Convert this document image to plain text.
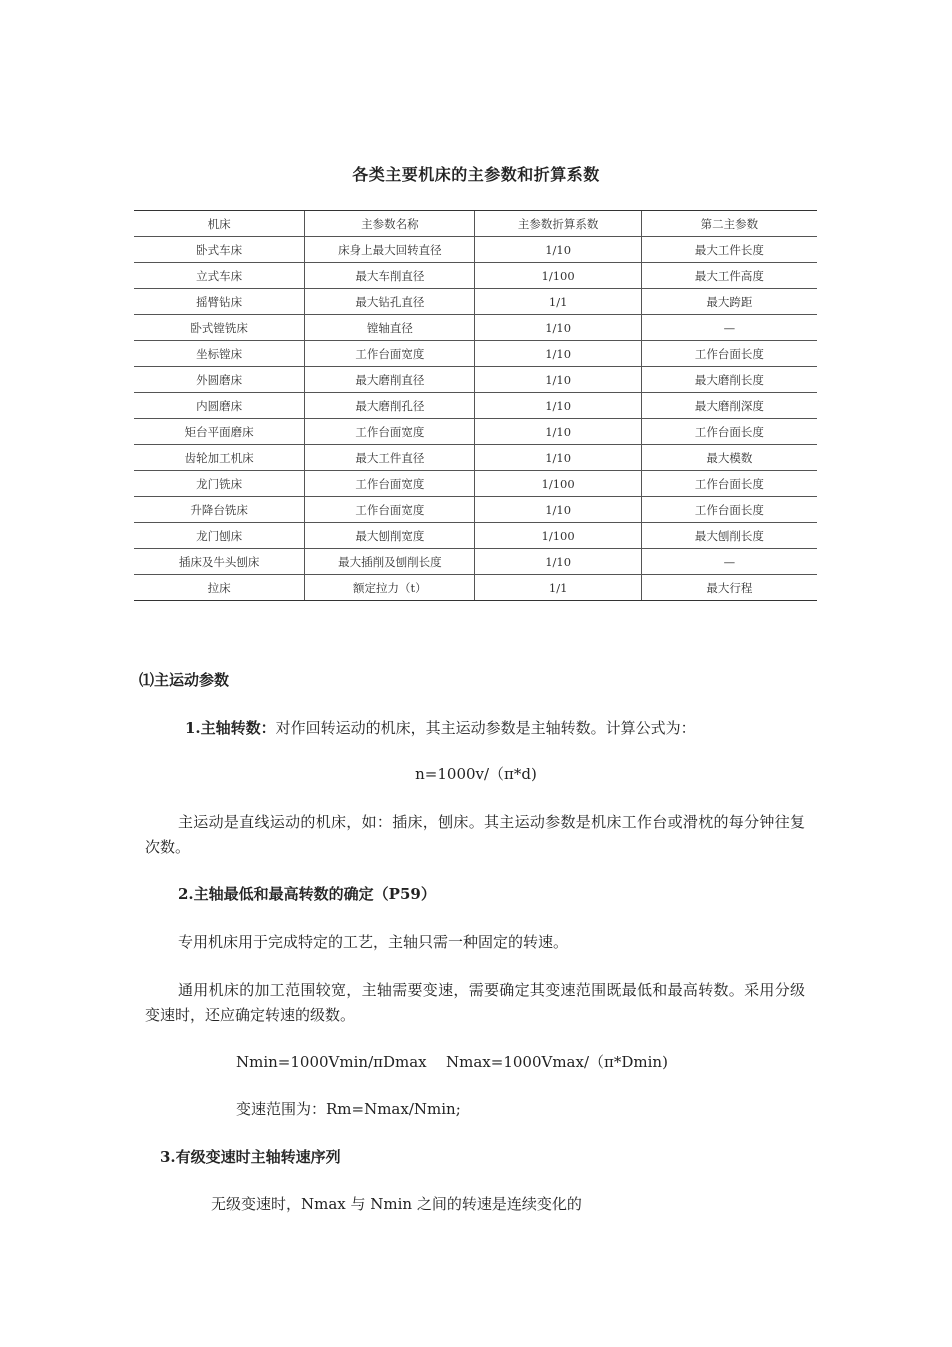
各类主要机床的主参数和折算系数
机床	主参数名称	主参数折算系数	第二主参数
卧式车床	床身上最大回转直径	1/10	最大工件长度
立式车床	最大车削直径	1/100	最大工件高度
摇臂钻床	最大钻孔直径	1/1	最大跨距
卧式镗铣床	镗轴直径	1/10	—
坐标镗床	工作台面宽度	1/10	工作台面长度
外圆磨床	最大磨削直径	1/10	最大磨削长度
内圆磨床	最大磨削孔径	1/10	最大磨削深度
矩台平面磨床	工作台面宽度	1/10	工作台面长度
齿轮加工机床	最大工件直径	1/10	最大模数
龙门铣床	工作台面宽度	1/100	工作台面长度
升降台铣床	工作台面宽度	1/10	工作台面长度
龙门刨床	最大刨削宽度	1/100	最大刨削长度
插床及牛头刨床	最大插削及刨削长度	1/10	—
拉床	额定拉力（t）	1/1	最大行程
⑴主运动参数
1.主轴转数：对作回转运动的机床，其主运动参数是主轴转数。计算公式为：
n=1000v/（π*d)
主运动是直线运动的机床，如：插床，刨床。其主运动参数是机床工作台或滑枕的每分钟往复次数。
2.主轴最低和最高转数的确定（P59）
专用机床用于完成特定的工艺，主轴只需一种固定的转速。
通用机床的加工范围较宽，主轴需要变速，需要确定其变速范围既最低和最高转数。采用分级变速时，还应确定转速的级数。
Nmin=1000Vmin/πDmax Nmax=1000Vmax/（π*Dmin)
变速范围为：Rm=Nmax/Nmin;
3.有级变速时主轴转速序列
无级变速时，Nmax 与 Nmin 之间的转速是连续变化的
